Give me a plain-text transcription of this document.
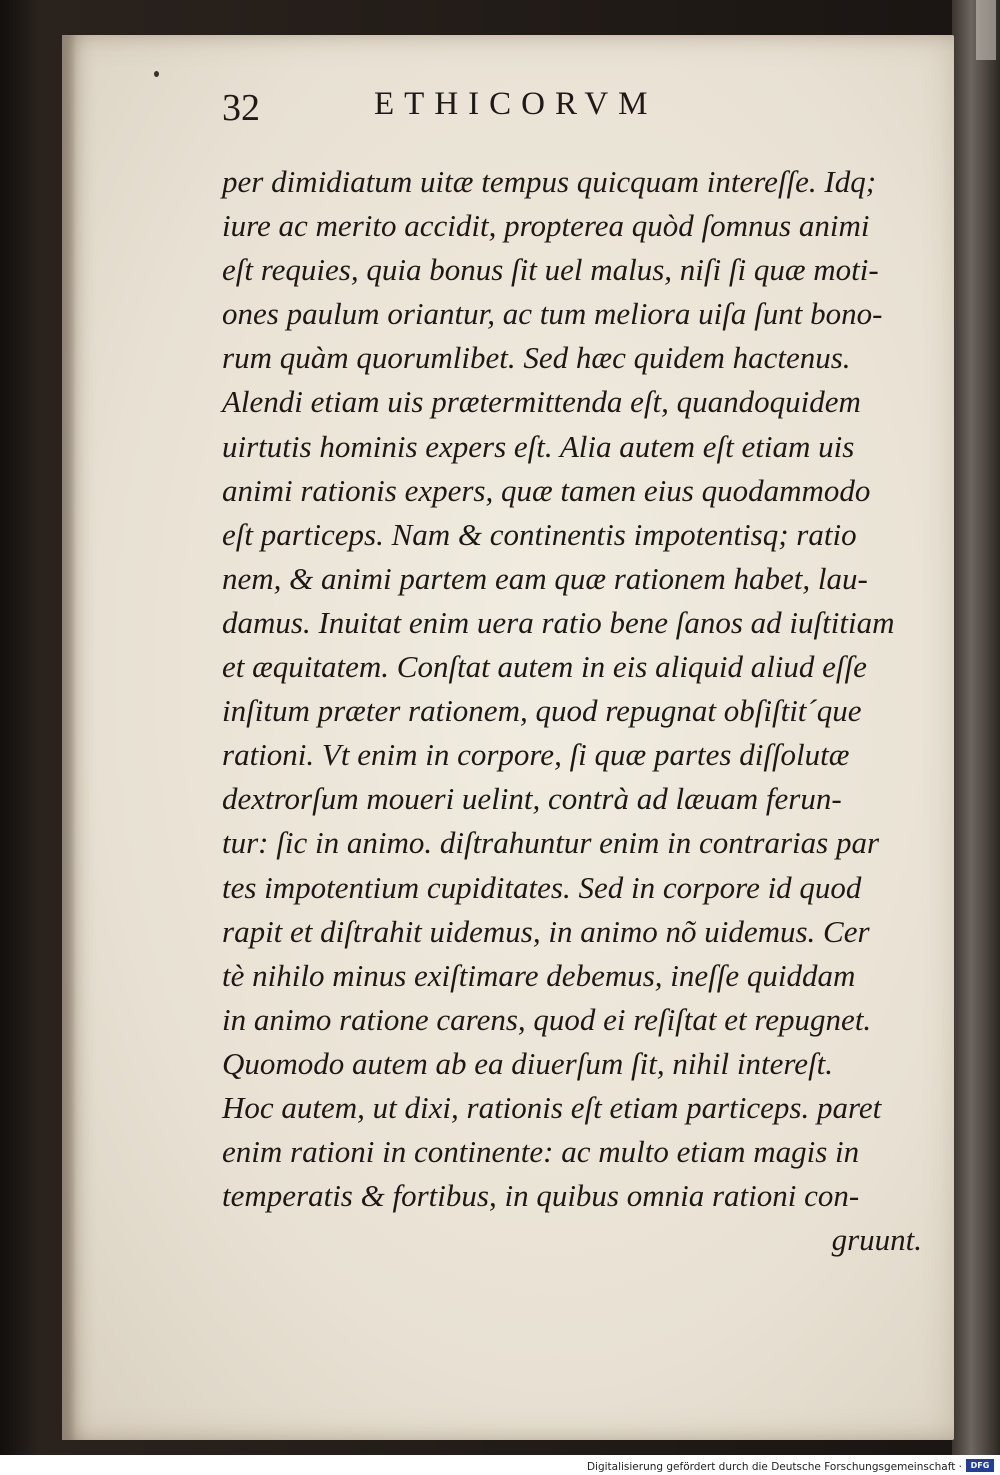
32	ETHICORVM
per dimidiatum uitæ tempus quicquam intereſſe. Idq;
iure ac merito accidit, propterea quòd ſomnus animi
eſt requies, quia bonus ſit uel malus, niſi ſi quæ moti-
ones paulum oriantur, ac tum meliora uiſa ſunt bono-
rum quàm quorumlibet. Sed hæc quidem hactenus.
Alendi etiam uis prætermittenda eſt, quandoquidem
uirtutis hominis expers eſt. Alia autem eſt etiam uis
animi rationis expers, quæ tamen eius quodammodo
eſt particeps. Nam & continentis impotentisq; ratio
nem, & animi partem eam quæ rationem habet, lau-
damus. Inuitat enim uera ratio bene ſanos ad iuſtitiam
et æquitatem. Conſtat autem in eis aliquid aliud eſſe
inſitum præter rationem, quod repugnat obſiſtit´que
rationi. Vt enim in corpore, ſi quæ partes diſſolutæ
dextrorſum moueri uelint, contrà ad læuam ferun-
tur: ſic in animo. diſtrahuntur enim in contrarias par
tes impotentium cupiditates. Sed in corpore id quod
rapit et diſtrahit uidemus, in animo nõ uidemus. Cer
tè nihilo minus exiſtimare debemus, ineſſe quiddam
in animo ratione carens, quod ei reſiſtat et repugnet.
Quomodo autem ab ea diuerſum ſit, nihil intereſt.
Hoc autem, ut dixi, rationis eſt etiam particeps. paret
enim rationi in continente: ac multo etiam magis in
temperatis & fortibus, in quibus omnia rationi con-
gruunt.
Digitalisierung gefördert durch die Deutsche Forschungsgemeinschaft ·	DFG
